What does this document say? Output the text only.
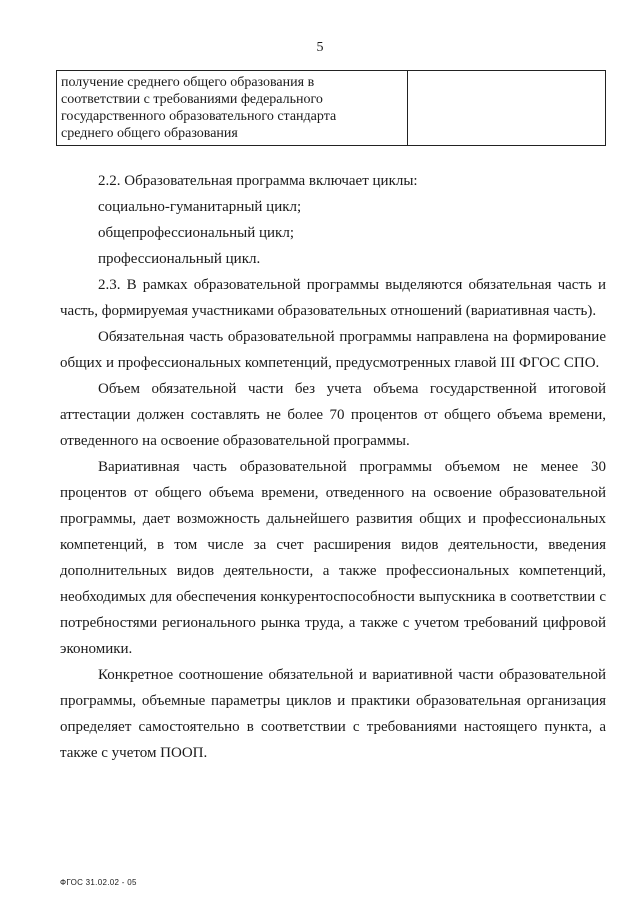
5
получение среднего общего образования в
соответствии с требованиями федерального
государственного образовательного стандарта
среднего общего образования

2.2. Образовательная программа включает циклы:

социально-гуманитарный цикл;

общепрофессиональный цикл;

профессиональный цикл.

2.3. В рамках образовательной программы выделяются обязательная часть и часть, формируемая участниками образовательных отношений (вариативная часть).

Обязательная часть образовательной программы направлена на формирование общих и профессиональных компетенций, предусмотренных главой III ФГОС СПО.

Объем обязательной части без учета объема государственной итоговой аттестации должен составлять не более 70 процентов от общего объема времени, отведенного на освоение образовательной программы.

Вариативная часть образовательной программы объемом не менее 30 процентов от общего объема времени, отведенного на освоение образовательной программы, дает возможность дальнейшего развития общих и профессиональных компетенций, в том числе за счет расширения видов деятельности, введения дополнительных видов деятельности, а также профессиональных компетенций, необходимых для обеспечения конкурентоспособности выпускника в соответствии с потребностями регионального рынка труда, а также с учетом требований цифровой экономики.

Конкретное соотношение обязательной и вариативной части образовательной программы, объемные параметры циклов и практики образовательная организация определяет самостоятельно в соответствии с требованиями настоящего пункта, а также с учетом ПООП.

ФГОС 31.02.02 - 05
